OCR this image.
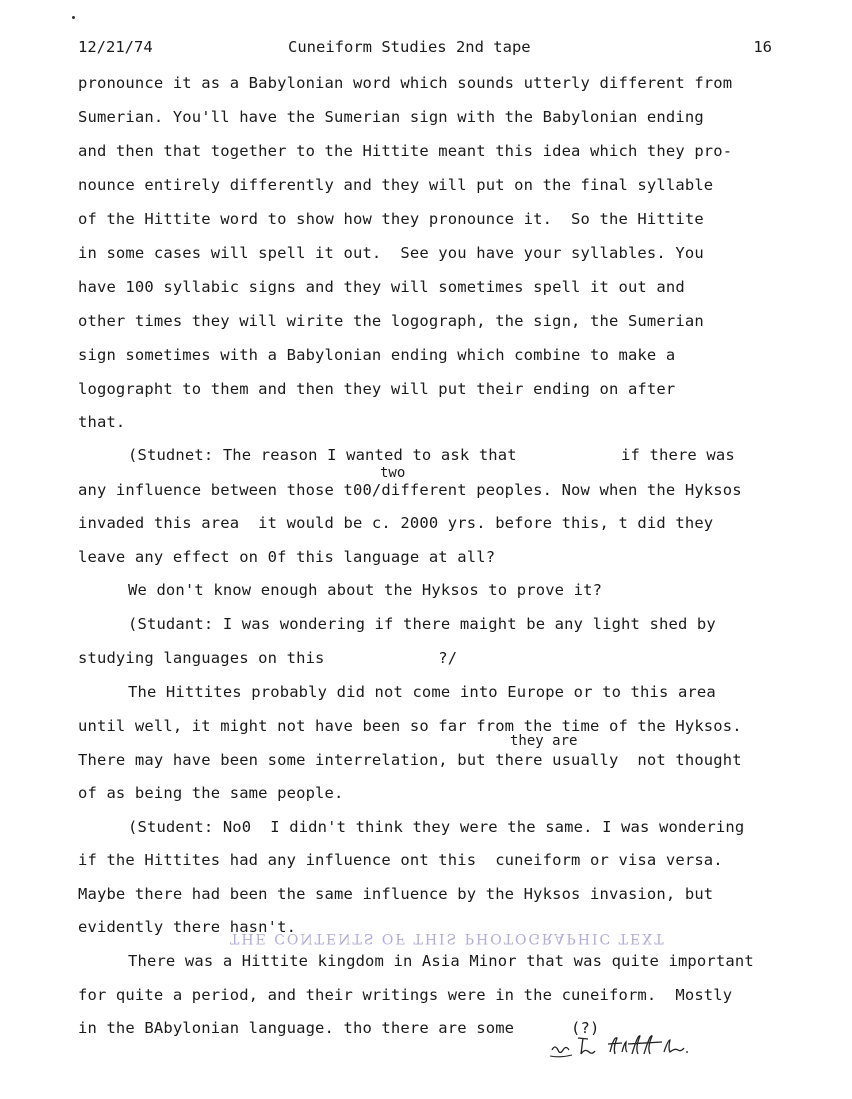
12/21/74	Cuneiform Studies 2nd tape	16
pronounce it as a Babylonian word which sounds utterly different from
Sumerian. You'll have the Sumerian sign with the Babylonian ending
and then that together to the Hittite meant this idea which they pro-
nounce entirely differently and they will put on the final syllable
of the Hittite word to show how they pronounce it.  So the Hittite
in some cases will spell it out.  See you have your syllables. You
have 100 syllabic signs and they will sometimes spell it out and
other times they will wirite the logograph, the sign, the Sumerian
sign sometimes with a Babylonian ending which combine to make a
logographt to them and then they will put their ending on after
that.
(Studnet: The reason I wanted to ask that           if there was
two
any influence between those t00/different peoples. Now when the Hyksos
invaded this area  it would be c. 2000 yrs. before this, t did they
leave any effect on 0f this language at all?
We don't know enough about the Hyksos to prove it?
(Studant: I was wondering if there maight be any light shed by
studying languages on this            ?/
The Hittites probably did not come into Europe or to this area
until well, it might not have been so far from the time of the Hyksos.
they are
There may have been some interrelation, but there usually  not thought
of as being the same people.
(Student: No0  I didn't think they were the same. I was wondering
if the Hittites had any influence ont this  cuneiform or visa versa.
Maybe there had been the same influence by the Hyksos invasion, but
evidently there hasn't.
THE CONTENTS OF THIS PHOTOGRAPHIC TEXT
There was a Hittite kingdom in Asia Minor that was quite important
for quite a period, and their writings were in the cuneiform.  Mostly
in the BAbylonian language. tho there are some      (?)
in The Hittite.
